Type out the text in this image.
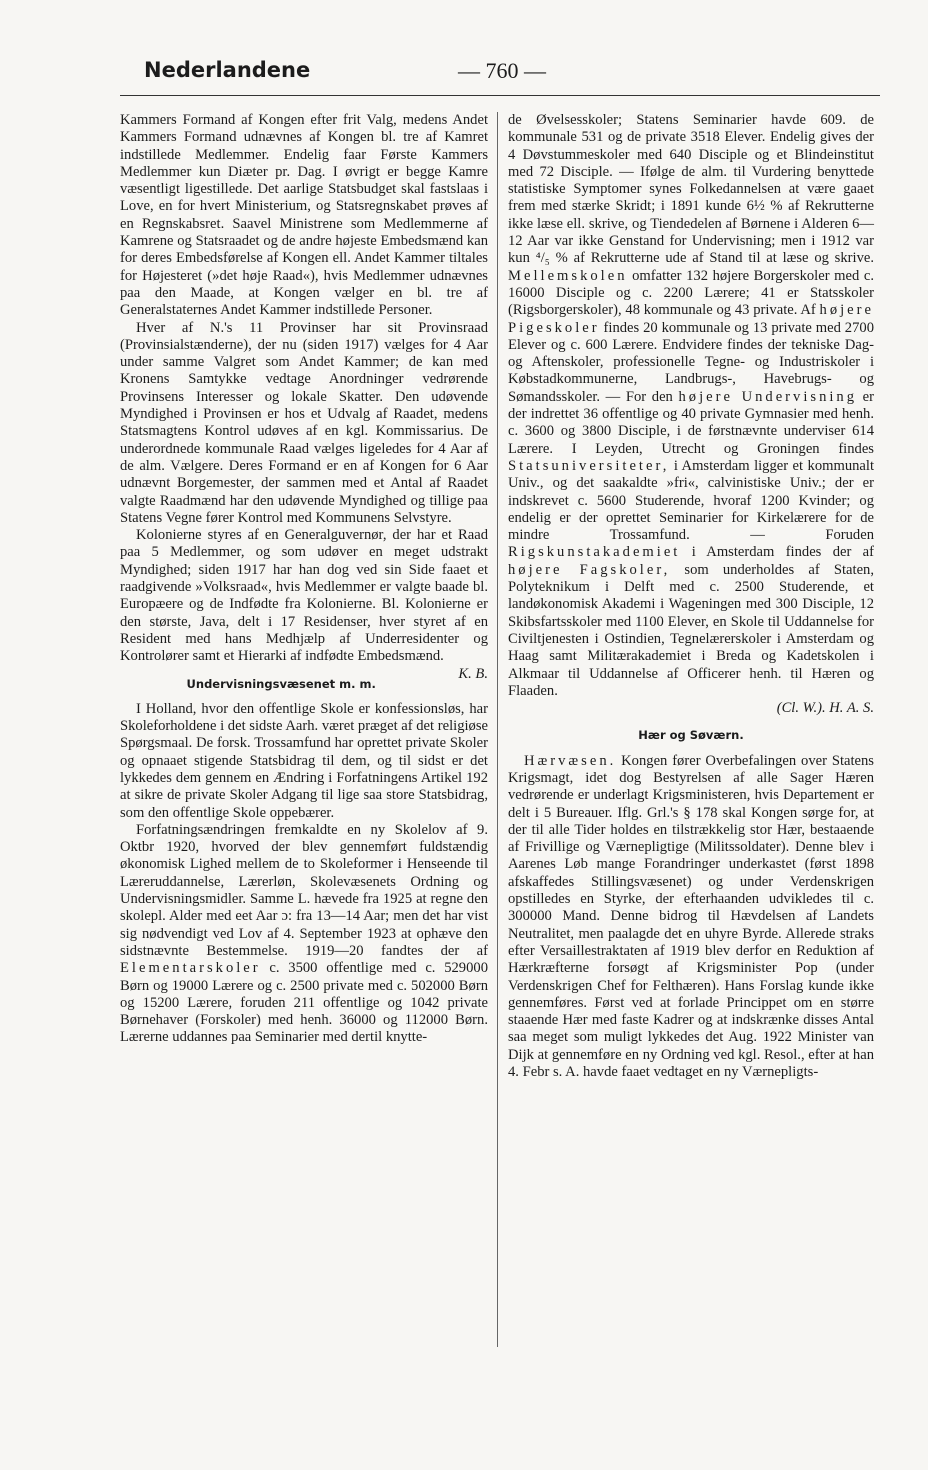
Nederlandene	— 760 —

Kammers Formand af Kongen efter frit Valg, medens Andet Kammers Formand udnævnes af Kongen bl. tre af Kamret indstillede Medlemmer. Endelig faar Første Kammers Medlemmer kun Diæter pr. Dag. I øvrigt er begge Kamre væsentligt ligestillede. Det aarlige Statsbudget skal fastslaas i Love, en for hvert Ministerium, og Statsregnskabet prøves af en Regnskabsret. Saavel Ministrene som Medlemmerne af Kamrene og Statsraadet og de andre højeste Embedsmænd kan for deres Embedsførelse af Kongen ell. Andet Kammer tiltales for Højesteret (»det høje Raad«), hvis Medlemmer udnævnes paa den Maade, at Kongen vælger en bl. tre af Generalstaternes Andet Kammer indstillede Personer.

Hver af N.'s 11 Provinser har sit Provinsraad (Provinsialstænderne), der nu (siden 1917) vælges for 4 Aar under samme Valgret som Andet Kammer; de kan med Kronens Samtykke vedtage Anordninger vedrørende Provinsens Interesser og lokale Skatter. Den udøvende Myndighed i Provinsen er hos et Udvalg af Raadet, medens Statsmagtens Kontrol udøves af en kgl. Kommissarius. De underordnede kommunale Raad vælges ligeledes for 4 Aar af de alm. Vælgere. Deres Formand er en af Kongen for 6 Aar udnævnt Borgemester, der sammen med et Antal af Raadet valgte Raadmænd har den udøvende Myndighed og tillige paa Statens Vegne fører Kontrol med Kommunens Selvstyre.

Kolonierne styres af en Generalguvernør, der har et Raad paa 5 Medlemmer, og som udøver en meget udstrakt Myndighed; siden 1917 har han dog ved sin Side faaet et raadgivende »Volksraad«, hvis Medlemmer er valgte baade bl. Europæere og de Indfødte fra Kolonierne. Bl. Kolonierne er den største, Java, delt i 17 Residenser, hver styret af en Resident med hans Medhjælp af Underresidenter og Kontrolører samt et Hierarki af indfødte Embedsmænd.
K. B.

Undervisningsvæsenet m. m.

I Holland, hvor den offentlige Skole er konfessionsløs, har Skoleforholdene i det sidste Aarh. været præget af det religiøse Spørgsmaal. De forsk. Trossamfund har oprettet private Skoler og opnaaet stigende Statsbidrag til dem, og til sidst er det lykkedes dem gennem en Ændring i Forfatningens Artikel 192 at sikre de private Skoler Adgang til lige saa store Statsbidrag, som den offentlige Skole oppebærer.

Forfatningsændringen fremkaldte en ny Skolelov af 9. Oktbr 1920, hvorved der blev gennemført fuldstændig økonomisk Lighed mellem de to Skoleformer i Henseende til Læreruddannelse, Lærerløn, Skolevæsenets Ordning og Undervisningsmidler. Samme L. hævede fra 1925 at regne den skolepl. Alder med eet Aar ɔ: fra 13—14 Aar; men det har vist sig nødvendigt ved Lov af 4. September 1923 at ophæve den sidstnævnte Bestemmelse. 1919—20 fandtes der af Elementarskoler c. 3500 offentlige med c. 529000 Børn og 19000 Lærere og c. 2500 private med c. 502000 Børn og 15200 Lærere, foruden 211 offentlige og 1042 private Børnehaver (Forskoler) med henh. 36000 og 112000 Børn. Lærerne uddannes paa Seminarier med dertil knytte-

de Øvelsesskoler; Statens Seminarier havde 609. de kommunale 531 og de private 3518 Elever. Endelig gives der 4 Døvstummeskoler med 640 Disciple og et Blindeinstitut med 72 Disciple. — Ifølge de alm. til Vurdering benyttede statistiske Symptomer synes Folkedannelsen at være gaaet frem med stærke Skridt; i 1891 kunde 6½ % af Rekrutterne ikke læse ell. skrive, og Tiendedelen af Børnene i Alderen 6—12 Aar var ikke Genstand for Undervisning; men i 1912 var kun ⁴/₅ % af Rekrutterne ude af Stand til at læse og skrive. Mellemskolen omfatter 132 højere Borgerskoler med c. 16000 Disciple og c. 2200 Lærere; 41 er Statsskoler (Rigsborgerskoler), 48 kommunale og 43 private. Af højere Pigeskoler findes 20 kommunale og 13 private med 2700 Elever og c. 600 Lærere. Endvidere findes der tekniske Dag- og Aftenskoler, professionelle Tegne- og Industriskoler i Købstadkommunerne, Landbrugs-, Havebrugs- og Sømandsskoler. — For den højere Undervisning er der indrettet 36 offentlige og 40 private Gymnasier med henh. c. 3600 og 3800 Disciple, i de førstnævnte underviser 614 Lærere. I Leyden, Utrecht og Groningen findes Statsuniversiteter, i Amsterdam ligger et kommunalt Univ., og det saakaldte »fri«, calvinistiske Univ.; der er indskrevet c. 5600 Studerende, hvoraf 1200 Kvinder; og endelig er der oprettet Seminarier for Kirkelærere for de mindre Trossamfund. — Foruden Rigskunstakademiet i Amsterdam findes der af højere Fagskoler, som underholdes af Staten, Polyteknikum i Delft med c. 2500 Studerende, et landøkonomisk Akademi i Wageningen med 300 Disciple, 12 Skibsfartsskoler med 1100 Elever, en Skole til Uddannelse for Civiltjenesten i Ostindien, Tegnelærerskoler i Amsterdam og Haag samt Militærakademiet i Breda og Kadetskolen i Alkmaar til Uddannelse af Officerer henh. til Hæren og Flaaden.

(Cl. W.). H. A. S.

Hær og Søværn.

Hærvæsen. Kongen fører Overbefalingen over Statens Krigsmagt, idet dog Bestyrelsen af alle Sager Hæren vedrørende er underlagt Krigsministeren, hvis Departement er delt i 5 Bureauer. Iflg. Grl.'s § 178 skal Kongen sørge for, at der til alle Tider holdes en tilstrækkelig stor Hær, bestaaende af Frivillige og Værnepligtige (Militssoldater). Denne blev i Aarenes Løb mange Forandringer underkastet (først 1898 afskaffedes Stillingsvæsenet) og under Verdenskrigen opstilledes en Styrke, der efterhaanden udvikledes til c. 300000 Mand. Denne bidrog til Hævdelsen af Landets Neutralitet, men paalagde det en uhyre Byrde. Allerede straks efter Versaillestraktaten af 1919 blev derfor en Reduktion af Hærkræfterne forsøgt af Krigsminister Pop (under Verdenskrigen Chef for Felthæren). Hans Forslag kunde ikke gennemføres. Først ved at forlade Princippet om en større staaende Hær med faste Kadrer og at indskrænke disses Antal saa meget som muligt lykkedes det Aug. 1922 Minister van Dijk at gennemføre en ny Ordning ved kgl. Resol., efter at han 4. Febr s. A. havde faaet vedtaget en ny Værnepligts-
